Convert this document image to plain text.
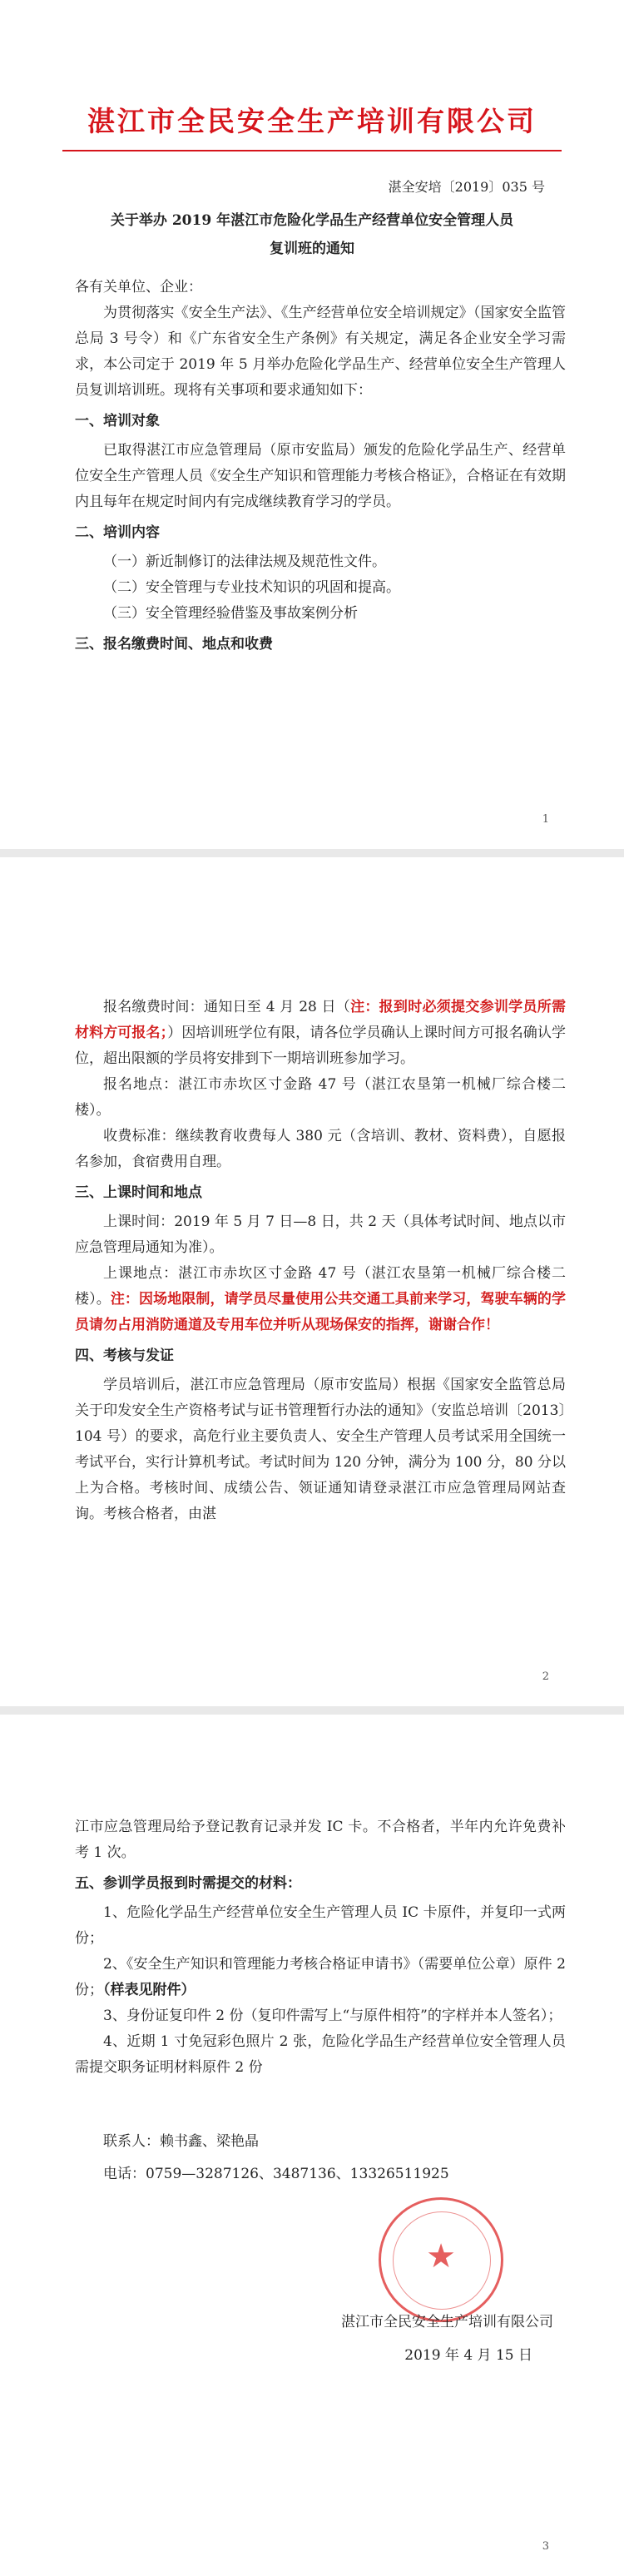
湛江市全民安全生产培训有限公司
湛全安培〔2019〕035 号
关于举办 2019 年湛江市危险化学品生产经营单位安全管理人员
复训班的通知

各有关单位、企业：

为贯彻落实《安全生产法》、《生产经营单位安全培训规定》（国家安全监管总局 3 号令）和《广东省安全生产条例》有关规定，满足各企业安全学习需求，本公司定于 2019 年 5 月举办危险化学品生产、经营单位安全生产管理人员复训培训班。现将有关事项和要求通知如下：

一、培训对象

已取得湛江市应急管理局（原市安监局）颁发的危险化学品生产、经营单位安全生产管理人员《安全生产知识和管理能力考核合格证》，合格证在有效期内且每年在规定时间内有完成继续教育学习的学员。

二、培训内容

（一）新近制修订的法律法规及规范性文件。

（二）安全管理与专业技术知识的巩固和提高。

（三）安全管理经验借鉴及事故案例分析

三、报名缴费时间、地点和收费
1

报名缴费时间：通知日至 4 月 28 日（注：报到时必须提交参训学员所需材料方可报名；）因培训班学位有限，请各位学员确认上课时间方可报名确认学位，超出限额的学员将安排到下一期培训班参加学习。

报名地点：湛江市赤坎区寸金路 47 号（湛江农垦第一机械厂综合楼二楼）。

收费标准：继续教育收费每人 380 元（含培训、教材、资料费），自愿报名参加，食宿费用自理。

三、上课时间和地点

上课时间：2019 年 5 月 7 日—8 日，共 2 天（具体考试时间、地点以市应急管理局通知为准）。

上课地点：湛江市赤坎区寸金路 47 号（湛江农垦第一机械厂综合楼二楼）。注：因场地限制，请学员尽量使用公共交通工具前来学习，驾驶车辆的学员请勿占用消防通道及专用车位并听从现场保安的指挥，谢谢合作！

四、考核与发证

学员培训后，湛江市应急管理局（原市安监局）根据《国家安全监管总局关于印发安全生产资格考试与证书管理暂行办法的通知》（安监总培训〔2013〕104 号）的要求，高危行业主要负责人、安全生产管理人员考试采用全国统一考试平台，实行计算机考试。考试时间为 120 分钟，满分为 100 分，80 分以上为合格。考核时间、成绩公告、领证通知请登录湛江市应急管理局网站查询。考核合格者，由湛

2

江市应急管理局给予登记教育记录并发 IC 卡。不合格者，半年内允许免费补考 1 次。

五、参训学员报到时需提交的材料：

1、危险化学品生产经营单位安全生产管理人员 IC 卡原件，并复印一式两份；

2、《安全生产知识和管理能力考核合格证申请书》（需要单位公章）原件 2 份；（样表见附件）

3、身份证复印件 2 份（复印件需写上“与原件相符”的字样并本人签名）；

4、近期 1 寸免冠彩色照片 2 张，危险化学品生产经营单位安全管理人员需提交职务证明材料原件 2 份

联系人：赖书鑫、梁艳晶

电话：0759—3287126、3487136、13326511925

★
湛江市全民安全生产培训有限公司
2019 年 4 月 15 日
3
